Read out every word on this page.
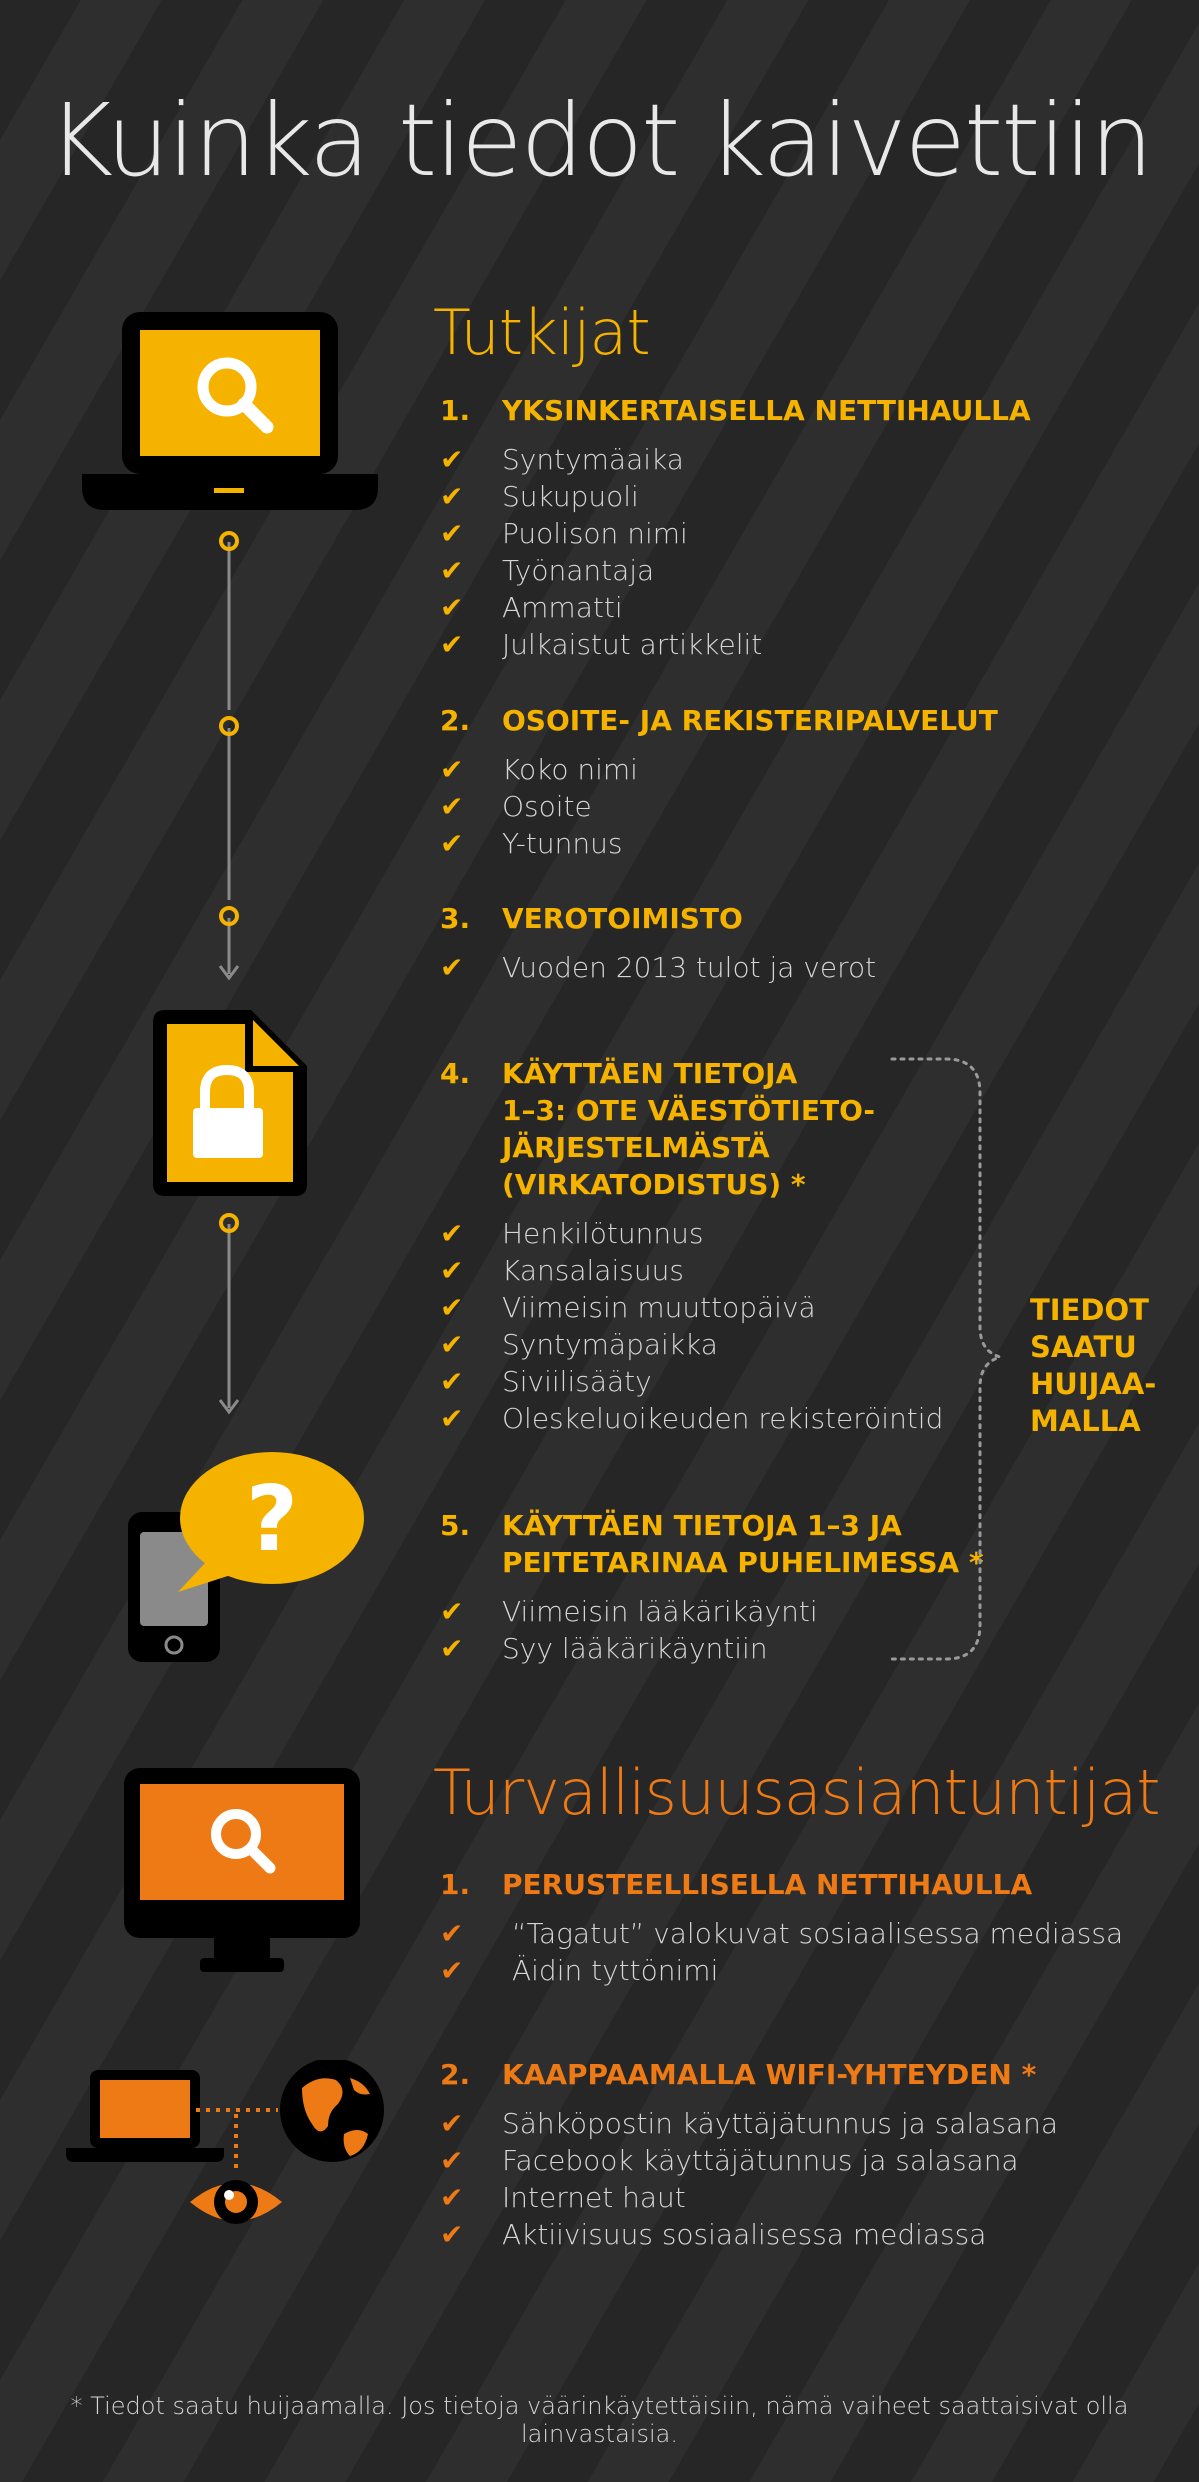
Kuinka tiedot kaivettiin
Tutkijat
1.	YKSINKERTAISELLA NETTIHAULLA
✔	Syntymäaika
✔	Sukupuoli
✔	Puolison nimi
✔	Työnantaja
✔	Ammatti
✔	Julkaistut artikkelit
2.	OSOITE- JA REKISTERIPALVELUT
✔	Koko nimi
✔	Osoite
✔	Y-tunnus
3.	VEROTOIMISTO
✔	Vuoden 2013 tulot ja verot
4.	KÄYTTÄEN TIETOJA
1–3: OTE VÄESTÖTIETO-
JÄRJESTELMÄSTÄ
(VIRKATODISTUS) *
✔	Henkilötunnus
✔	Kansalaisuus
✔	Viimeisin muuttopäivä
✔	Syntymäpaikka
✔	Siviilisääty
✔	Oleskeluoikeuden rekisteröintid
?	5.	KÄYTTÄEN TIETOJA 1–3 JA
PEITETARINAA PUHELIMESSA *
✔	Viimeisin lääkärikäynti
✔	Syy lääkärikäyntiin
TIEDOT
SAATU
HUIJAA-
MALLA
Turvallisuusasiantuntijat
1.	PERUSTEELLISELLA NETTIHAULLA
✔	“Tagatut” valokuvat sosiaalisessa mediassa
✔	Äidin tyttönimi
2.	KAAPPAAMALLA WIFI-YHTEYDEN *
✔	Sähköpostin käyttäjätunnus ja salasana
✔	Facebook käyttäjätunnus ja salasana
✔	Internet haut
✔	Aktiivisuus sosiaalisessa mediassa
* Tiedot saatu huijaamalla. Jos tietoja väärinkäytettäisiin, nämä vaiheet saattaisivat olla lainvastaisia.
